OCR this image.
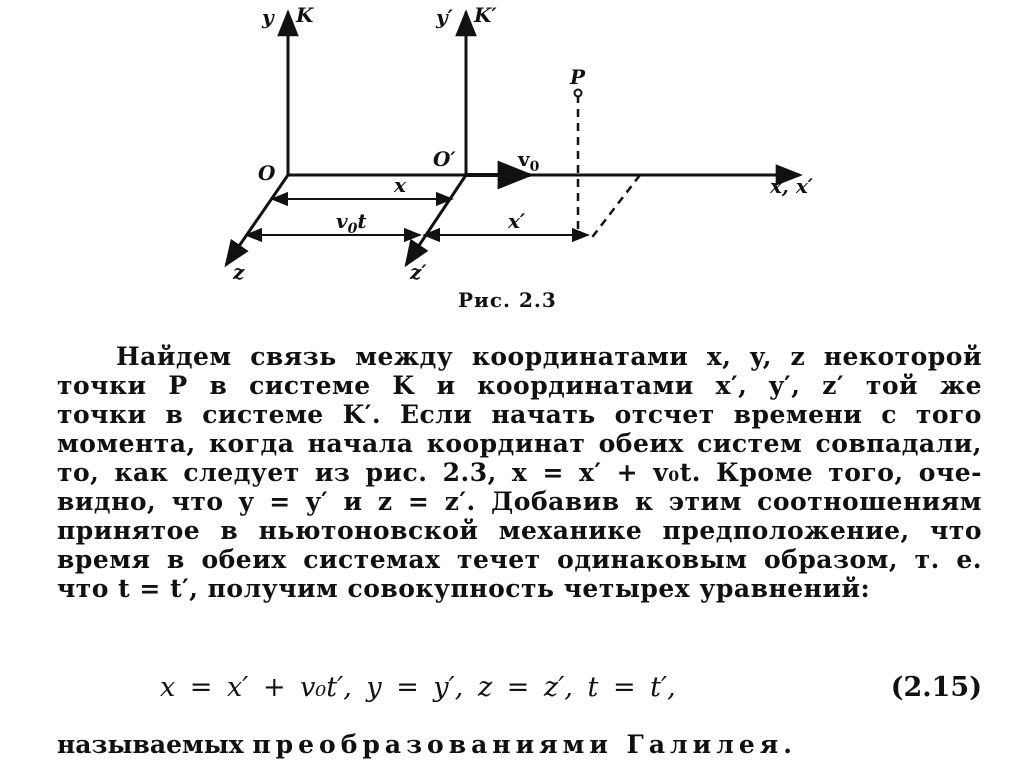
y K	y′ K′
P
O
O′	$v_0$
x, x′
z	z′
x
$v_0t$	x′
Рис. 2.3
Найдем связь между координатами x, y, z некоторой
точки P в системе K и координатами x′, y′, z′ той же
точки в системе K′. Если начать отсчет времени с того
момента, когда начала координат обеих систем совпадали,
то, как следует из рис. 2.3, x = x′ + v₀t. Кроме того, оче-
видно, что y = y′ и z = z′. Добавив к этим соотношениям
принятое в ньютоновской механике предположение, что
время в обеих системах течет одинаковым образом, т. е.
что t = t′, получим совокупность четырех уравнений:
x = x′ + v₀t′, y = y′, z = z′, t = t′,	(2.15)
называемых преобразованиями Галилея.
